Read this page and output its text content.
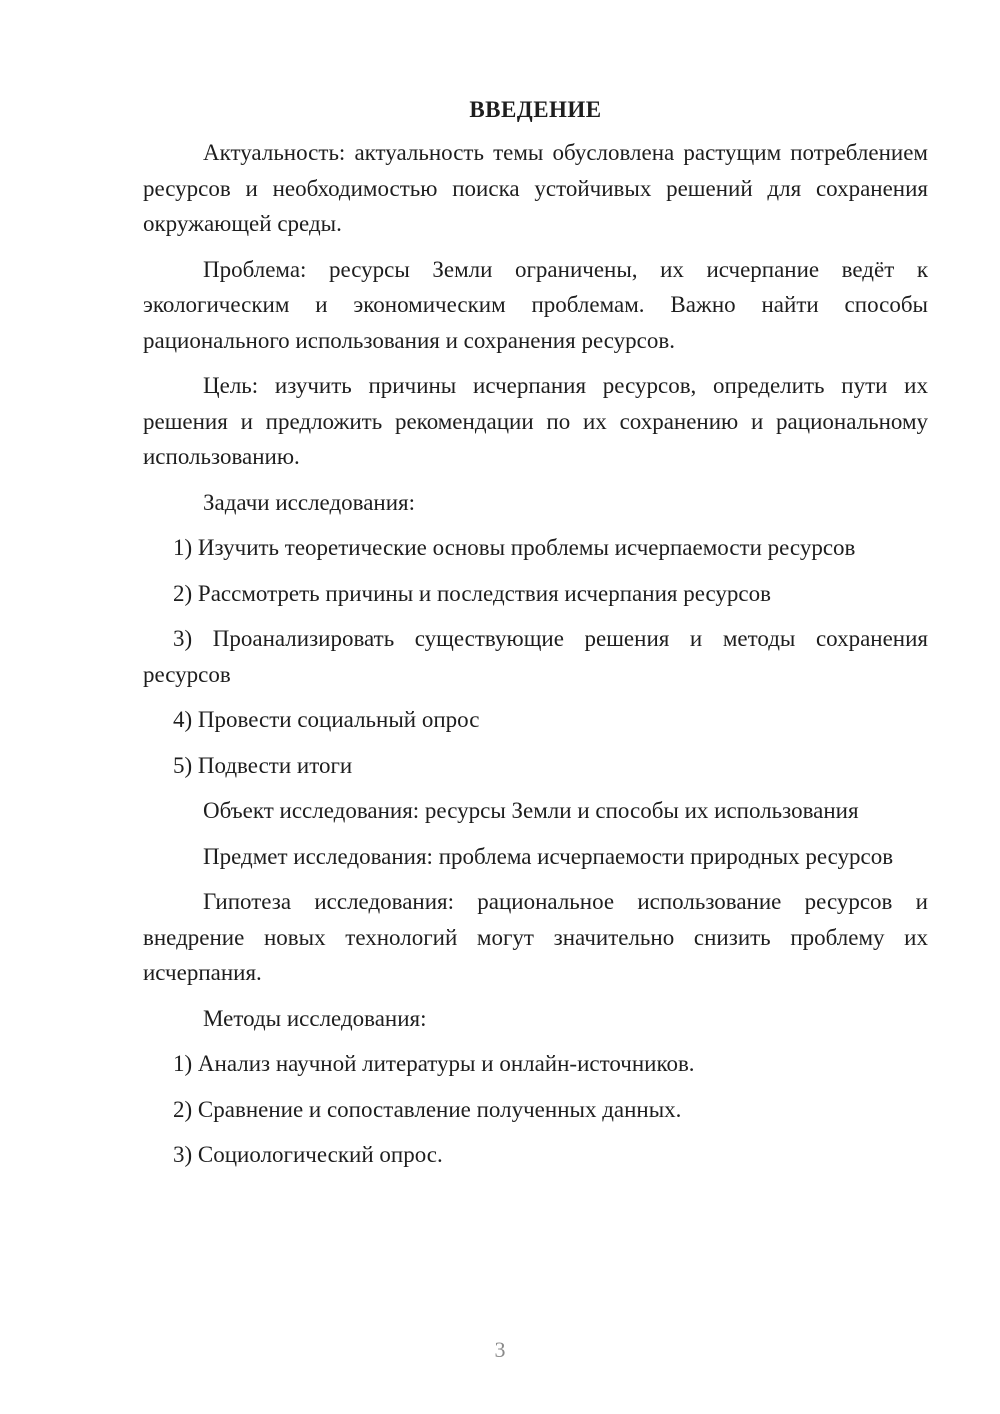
ВВЕДЕНИЕ

Актуальность: актуальность темы обусловлена растущим потреблением ресурсов и необходимостью поиска устойчивых решений для сохранения окружающей среды.

Проблема: ресурсы Земли ограничены, их исчерпание ведёт к экологическим и экономическим проблемам. Важно найти способы рационального использования и сохранения ресурсов.

Цель: изучить причины исчерпания ресурсов, определить пути их решения и предложить рекомендации по их сохранению и рациональному использованию.

Задачи исследования:

1) Изучить теоретические основы проблемы исчерпаемости ресурсов

2) Рассмотреть причины и последствия исчерпания ресурсов

3) Проанализировать существующие решения и методы сохранения ресурсов

4) Провести социальный опрос

5) Подвести итоги

Объект исследования: ресурсы Земли и способы их использования

Предмет исследования: проблема исчерпаемости природных ресурсов

Гипотеза исследования: рациональное использование ресурсов и внедрение новых технологий могут значительно снизить проблему их исчерпания.

Методы исследования:

1) Анализ научной литературы и онлайн-источников.

2) Сравнение и сопоставление полученных данных.

3) Социологический опрос.

3
